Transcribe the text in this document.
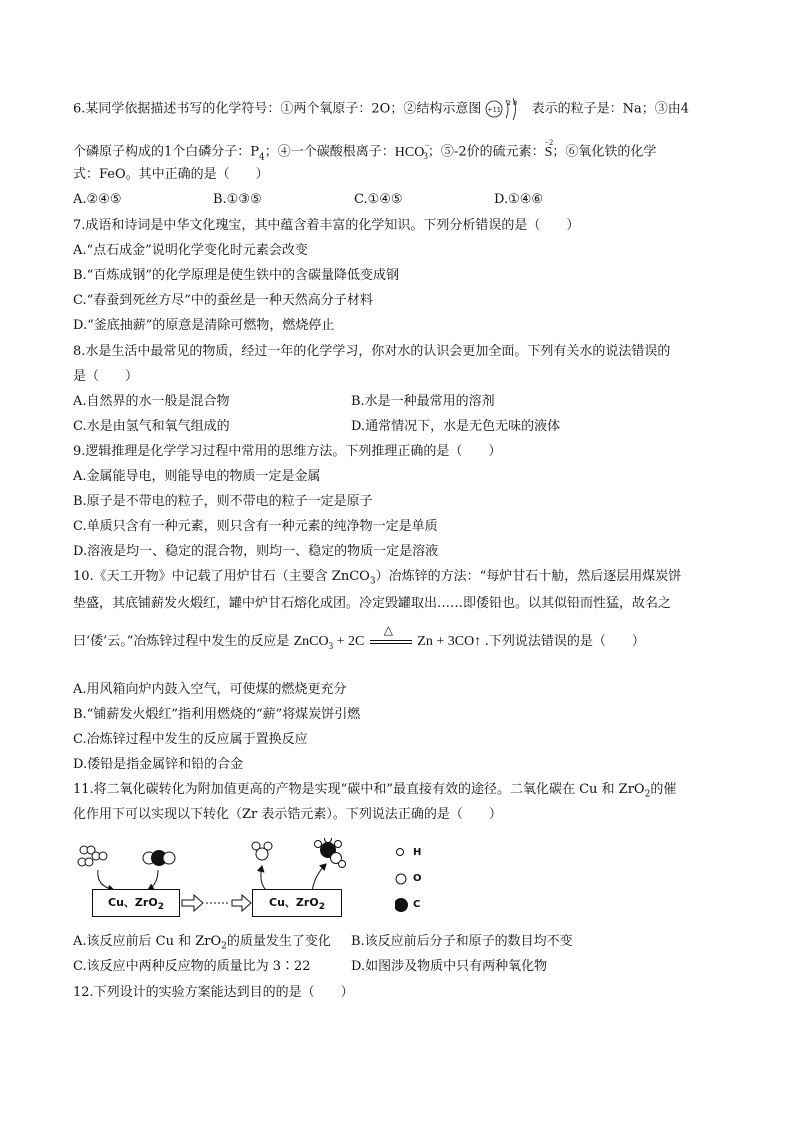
6.某同学依据描述书写的化学符号：①两个氧原子：2O；②结构示意图 +11
2 8 表示的粒子是：Na；③由4
个磷原子构成的1个白磷分子：$P_4$；④一个碳酸根离子：$HCO^-_3$；⑤-2价的硫元素：
−2
S；⑥氧化铁的化学
式：FeO。其中正确的是（　　）
A.②④⑤	B.①③⑤	C.①④⑤	D.①④⑥
7.成语和诗词是中华文化瑰宝，其中蕴含着丰富的化学知识。下列分析错误的是（　　）
A.“点石成金”说明化学变化时元素会改变
B.“百炼成钢”的化学原理是使生铁中的含碳量降低变成钢
C.“春蚕到死丝方尽”中的蚕丝是一种天然高分子材料
D.“釜底抽薪”的原意是清除可燃物，燃烧停止
8.水是生活中最常见的物质，经过一年的化学学习，你对水的认识会更加全面。下列有关水的说法错误的
是（　　）
A.自然界的水一般是混合物	B.水是一种最常用的溶剂
C.水是由氢气和氧气组成的	D.通常情况下，水是无色无味的液体
9.逻辑推理是化学学习过程中常用的思维方法。下列推理正确的是（　　）
A.金属能导电，则能导电的物质一定是金属
B.原子是不带电的粒子，则不带电的粒子一定是原子
C.单质只含有一种元素，则只含有一种元素的纯净物一定是单质
D.溶液是均一、稳定的混合物，则均一、稳定的物质一定是溶液
10.《天工开物》中记载了用炉甘石（主要含 ZnCO$_3$）冶炼锌的方法：“每炉甘石十觔，然后逐层用煤炭饼
垫盛，其底铺薪发火煅红，罐中炉甘石熔化成团。冷定毁罐取出……即倭铅也。以其似铅而性猛，故名之
曰‘倭’云。”冶炼锌过程中发生的反应是 ZnCO$_3$ + 2C
△
Zn + 3CO↑ .下列说法错误的是（　　）
A.用风箱向炉内鼓入空气，可使煤的燃烧更充分
B.“铺薪发火煅红”指利用燃烧的“薪”将煤炭饼引燃
C.冶炼锌过程中发生的反应属于置换反应
D.倭铅是指金属锌和铅的合金
11.将二氧化碳转化为附加值更高的产物是实现“碳中和”最直接有效的途径。二氧化碳在 Cu 和 ZrO$_2$的催
化作用下可以实现以下转化（Zr 表示锆元素）。下列说法正确的是（　　）
Cu、ZrO$_2$	Cu、ZrO$_2$
H
O
C
A.该反应前后 Cu 和 ZrO$_2$的质量发生了变化 B.该反应前后分子和原子的数目均不变
C.该反应中两种反应物的质量比为 3∶22	D.如图涉及物质中只有两种氧化物
12.下列设计的实验方案能达到目的的是（　　）
